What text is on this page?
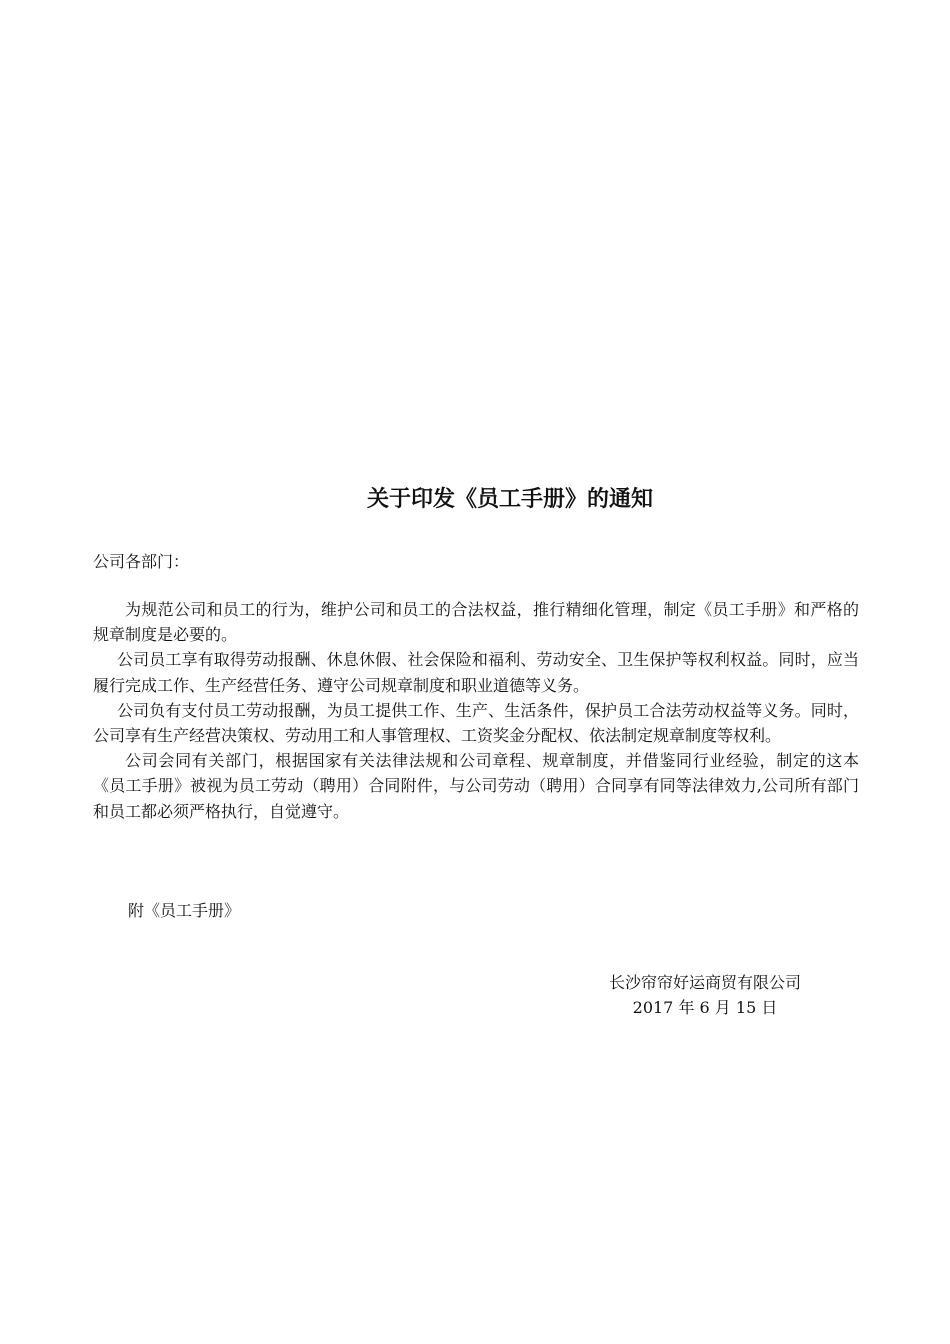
关于印发《员工手册》的通知
公司各部门：

为规范公司和员工的行为，维护公司和员工的合法权益，推行精细化管理，制定《员工手册》和严格的规章制度是必要的。

公司员工享有取得劳动报酬、休息休假、社会保险和福利、劳动安全、卫生保护等权利权益。同时，应当履行完成工作、生产经营任务、遵守公司规章制度和职业道德等义务。

公司负有支付员工劳动报酬，为员工提供工作、生产、生活条件，保护员工合法劳动权益等义务。同时，公司享有生产经营决策权、劳动用工和人事管理权、工资奖金分配权、依法制定规章制度等权利。

公司会同有关部门，根据国家有关法律法规和公司章程、规章制度，并借鉴同行业经验，制定的这本《员工手册》被视为员工劳动（聘用）合同附件，与公司劳动（聘用）合同享有同等法律效力,公司所有部门和员工都必须严格执行，自觉遵守。

附《员工手册》
长沙帘帘好运商贸有限公司
2017 年 6 月 15 日
